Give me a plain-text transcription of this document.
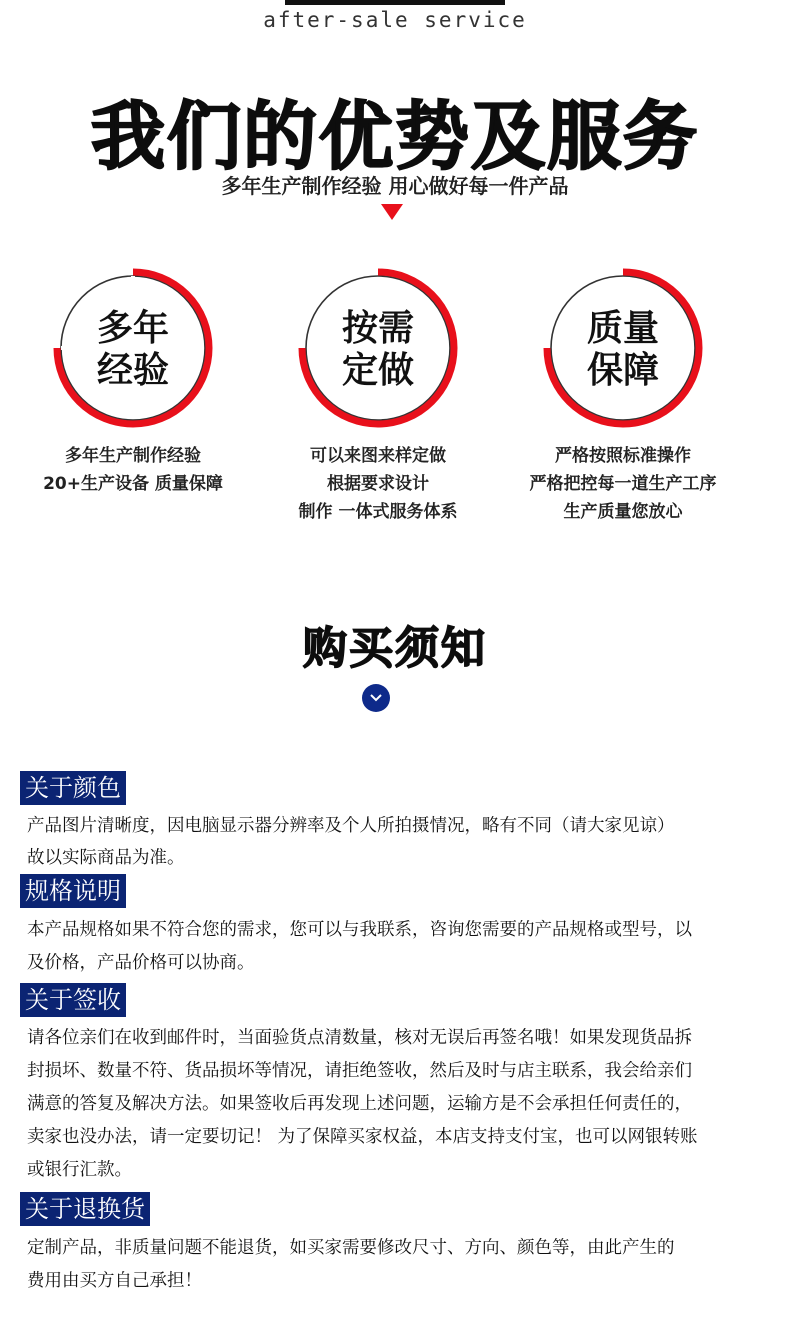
after-sale service
我们的优势及服务
多年生产制作经验 用心做好每一件产品
多年
经验
多年生产制作经验
20+生产设备 质量保障
按需
定做
可以来图来样定做
根据要求设计
制作 一体式服务体系
质量
保障
严格按照标准操作
严格把控每一道生产工序
生产质量您放心
购买须知
关于颜色
产品图片清晰度，因电脑显示器分辨率及个人所拍摄情况，略有不同（请大家见谅）
故以实际商品为准。
规格说明
本产品规格如果不符合您的需求，您可以与我联系，咨询您需要的产品规格或型号，以
及价格，产品价格可以协商。
关于签收
请各位亲们在收到邮件时，当面验货点清数量，核对无误后再签名哦！如果发现货品拆
封损坏、数量不符、货品损坏等情况，请拒绝签收，然后及时与店主联系，我会给亲们
满意的答复及解决方法。如果签收后再发现上述问题，运输方是不会承担任何责任的，
卖家也没办法，请一定要切记！ 为了保障买家权益，本店支持支付宝，也可以网银转账
或银行汇款。
关于退换货
定制产品，非质量问题不能退货，如买家需要修改尺寸、方向、颜色等，由此产生的
费用由买方自己承担！
